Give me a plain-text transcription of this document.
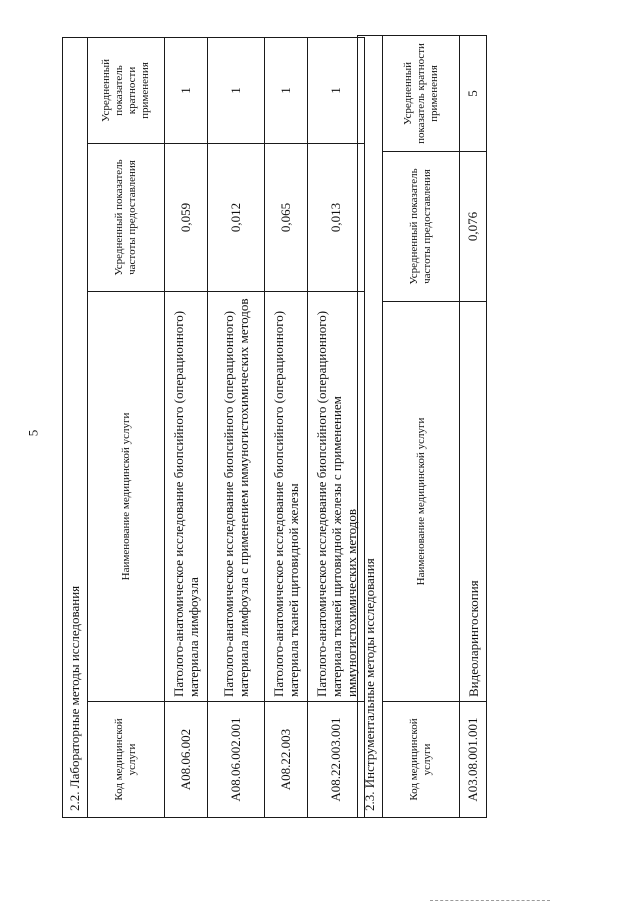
5
2.2. Лабораторные методы исследования			
Код медицинской услуги	Наименование медицинской услуги	Усредненный показатель частоты предоставления	Усредненный показатель кратности применения
A08.06.002	Патолого-анатомическое исследование биопсийного (операционного) материала лимфоузла	0,059	1
A08.06.002.001	Патолого-анатомическое исследование биопсийного (операционного) материала лимфоузла с применением иммуногистохимических методов	0,012	1
A08.22.003	Патолого-анатомическое исследование биопсийного (операционного) материала тканей щитовидной железы	0,065	1
A08.22.003.001	Патолого-анатомическое исследование биопсийного (операционного) материала тканей щитовидной железы с применением иммуногистохимических методов	0,013	1
2.3. Инструментальные методы исследования			
Код медицинской услуги	Наименование медицинской услуги	Усредненный показатель частоты предоставления	Усредненный показатель кратности применения
A03.08.001.001	Видеоларингоскопия	0,076	5
